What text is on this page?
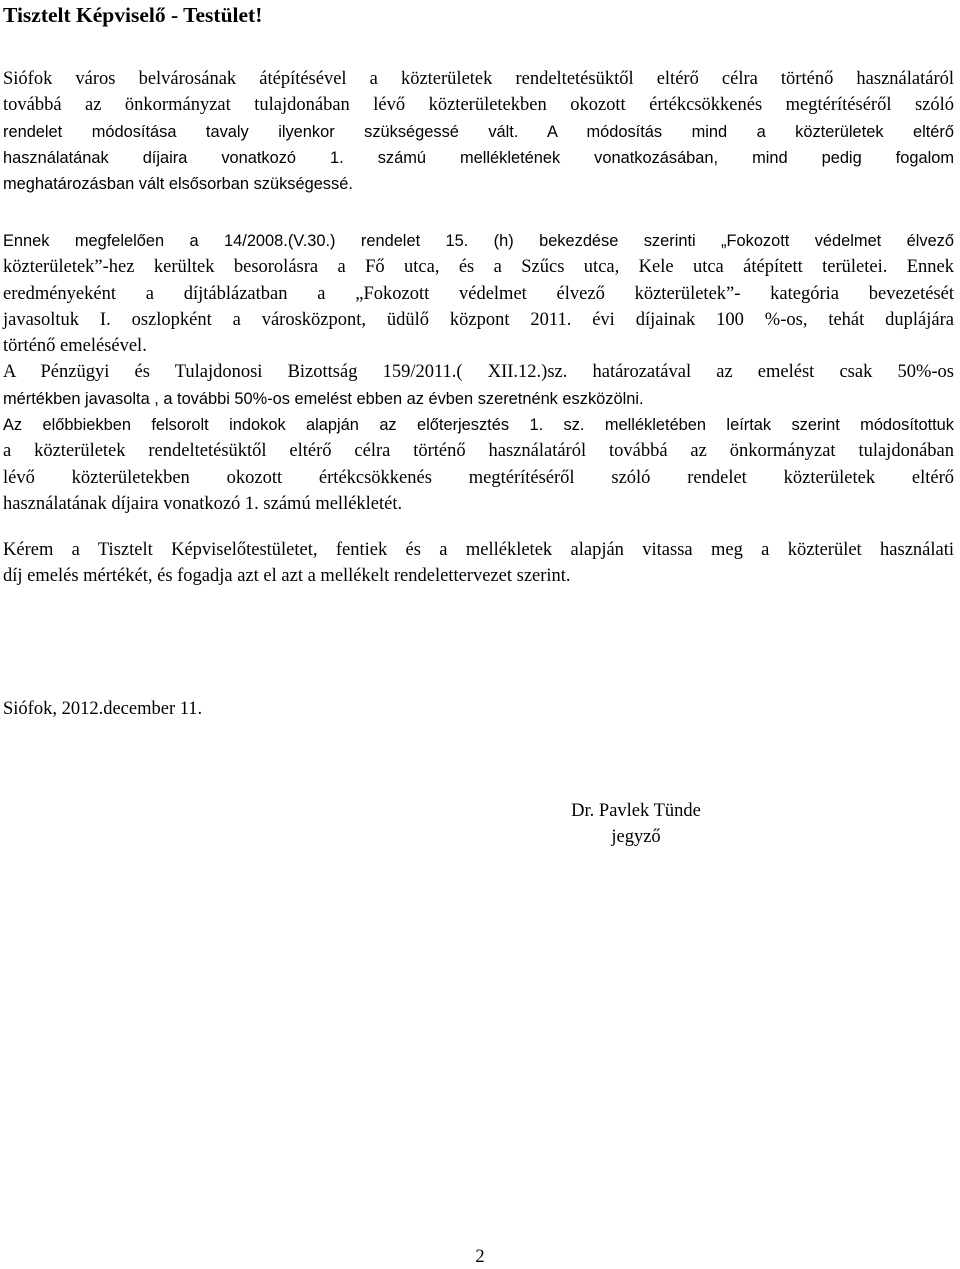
Tisztelt Képviselő - Testület!

Siófok város belvárosának átépítésével a közterületek rendeltetésüktől eltérő célra történő használatáról
továbbá az önkormányzat tulajdonában lévő közterületekben okozott értékcsökkenés megtérítéséről szóló
rendelet módosítása tavaly ilyenkor szükségessé vált. A módosítás mind a közterületek eltérő
használatának díjaira vonatkozó 1. számú mellékletének vonatkozásában, mind pedig fogalom
meghatározásban vált elsősorban szükségessé.

Ennek megfelelően a 14/2008.(V.30.) rendelet 15. (h) bekezdése szerinti „Fokozott védelmet élvező
közterületek”-hez kerültek besorolásra a Fő utca, és a Szűcs utca, Kele utca átépített területei. Ennek
eredményeként a díjtáblázatban a „Fokozott védelmet élvező közterületek”- kategória bevezetését
javasoltuk I. oszlopként a városközpont, üdülő központ 2011. évi díjainak 100 %-os, tehát duplájára
történő emelésével.
A Pénzügyi és Tulajdonosi Bizottság 159/2011.( XII.12.)sz. határozatával az emelést csak 50%-os
mértékben javasolta , a további 50%-os emelést ebben az évben szeretnénk eszközölni.
Az előbbiekben felsorolt indokok alapján az előterjesztés 1. sz. mellékletében leírtak szerint módosítottuk
a közterületek rendeltetésüktől eltérő célra történő használatáról továbbá az önkormányzat tulajdonában
lévő közterületekben okozott értékcsökkenés megtérítéséről szóló rendelet közterületek eltérő
használatának díjaira vonatkozó 1. számú mellékletét.

Kérem a Tisztelt Képviselőtestületet, fentiek és a mellékletek alapján vitassa meg a közterület használati
díj emelés mértékét, és fogadja azt el azt a mellékelt rendelettervezet szerint.

Siófok, 2012.december 11.

Dr. Pavlek Tünde
jegyző
2
